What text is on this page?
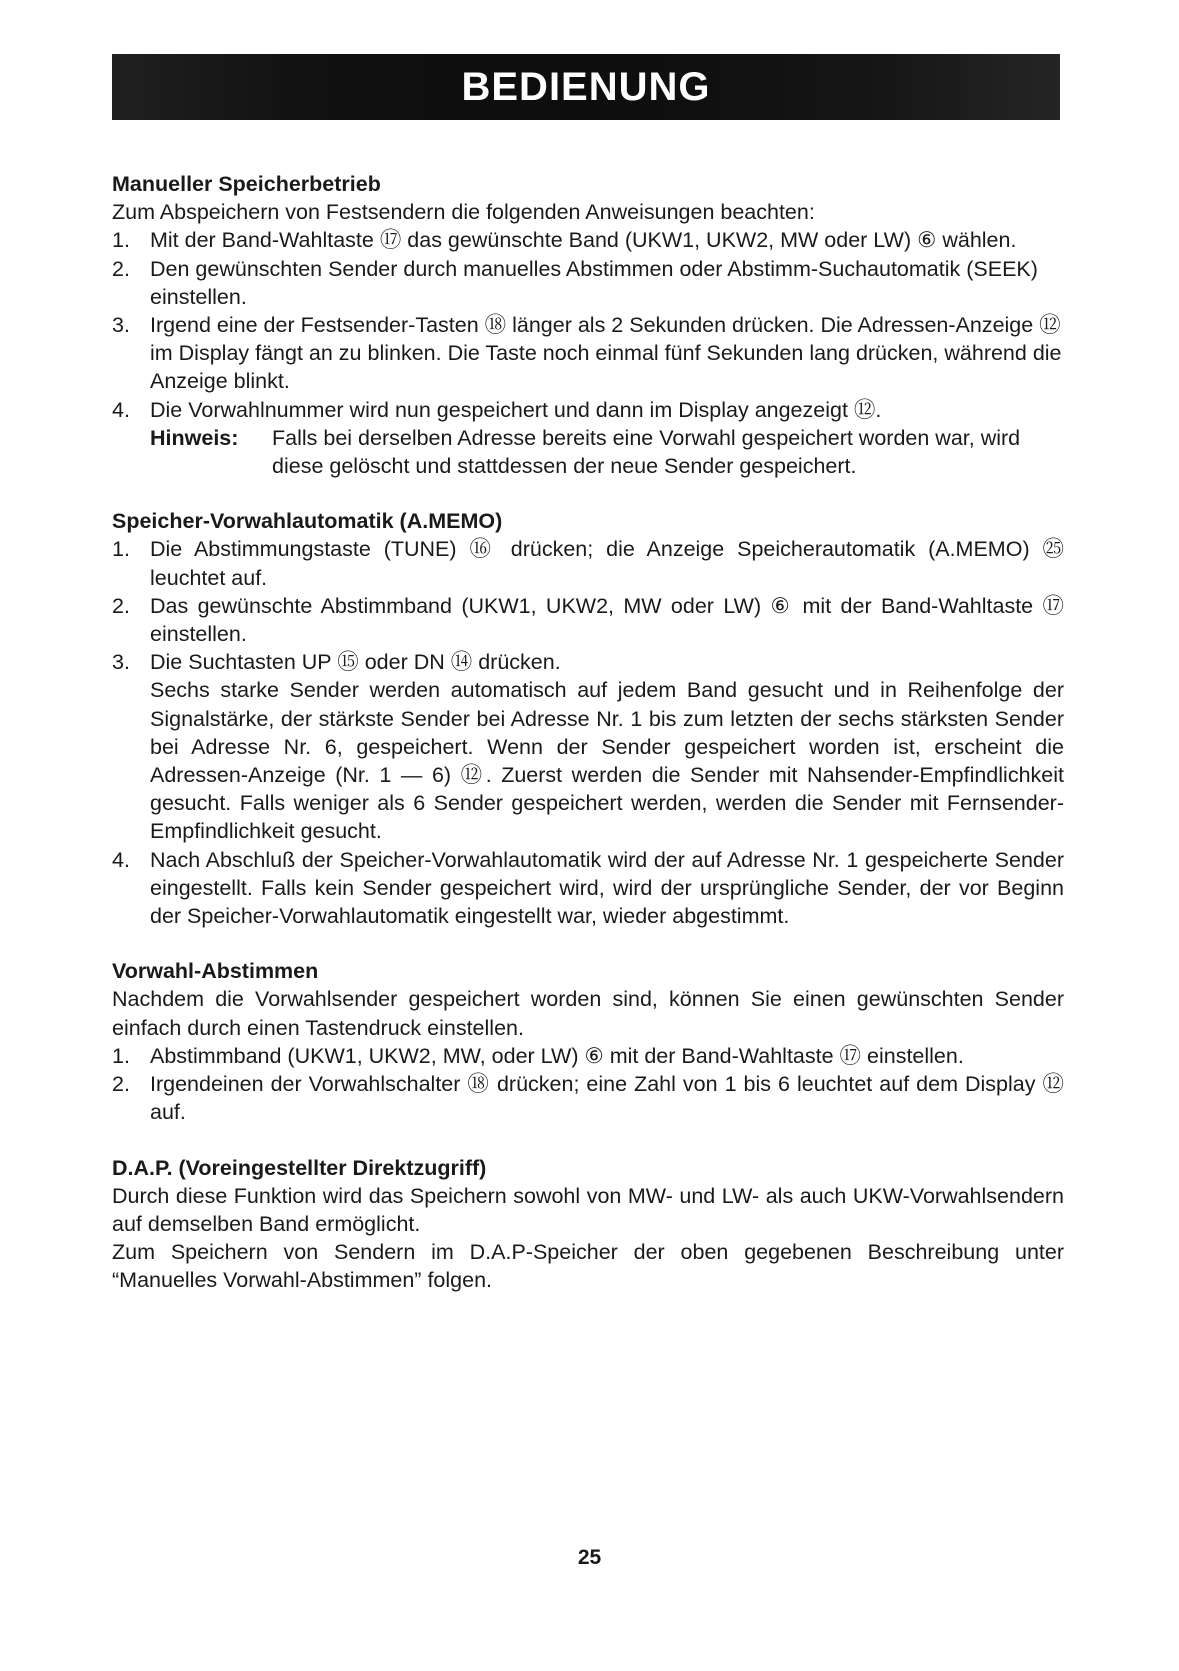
BEDIENUNG

Manueller Speicherbetrieb

Zum Abspeichern von Festsendern die folgenden Anweisungen beachten:

1. Mit der Band-Wahltaste ⑰ das gewünschte Band (UKW1, UKW2, MW oder LW) ⑥ wählen.
2. Den gewünschten Sender durch manuelles Abstimmen oder Abstimm-Suchautomatik (SEEK) einstellen.
3. Irgend eine der Festsender-Tasten ⑱ länger als 2 Sekunden drücken. Die Adressen-Anzeige ⑫ im Display fängt an zu blinken. Die Taste noch einmal fünf Sekunden lang drücken, während die Anzeige blinkt.
4. Die Vorwahlnummer wird nun gespeichert und dann im Display angezeigt ⑫.
Hinweis:	Falls bei derselben Adresse bereits eine Vorwahl gespeichert worden war, wird diese gelöscht und stattdessen der neue Sender gespeichert.

Speicher-Vorwahlautomatik (A.MEMO)

1. Die Abstimmungstaste (TUNE) ⑯ drücken; die Anzeige Speicherautomatik (A.MEMO) ㉕ leuchtet auf.
2. Das gewünschte Abstimmband (UKW1, UKW2, MW oder LW) ⑥ mit der Band-Wahltaste ⑰ einstellen.
3. Die Suchtasten UP ⑮ oder DN ⑭ drücken.
Sechs starke Sender werden automatisch auf jedem Band gesucht und in Reihenfolge der Signalstärke, der stärkste Sender bei Adresse Nr. 1 bis zum letzten der sechs stärksten Sender bei Adresse Nr. 6, gespeichert. Wenn der Sender gespeichert worden ist, erscheint die Adressen-Anzeige (Nr. 1 — 6) ⑫. Zuerst werden die Sender mit Nahsender-Empfindlichkeit gesucht. Falls weniger als 6 Sender gespeichert werden, werden die Sender mit Fernsender-Empfindlichkeit gesucht.
4. Nach Abschluß der Speicher-Vorwahlautomatik wird der auf Adresse Nr. 1 gespeicherte Sender eingestellt. Falls kein Sender gespeichert wird, wird der ursprüngliche Sender, der vor Beginn der Speicher-Vorwahlautomatik eingestellt war, wieder abgestimmt.

Vorwahl-Abstimmen

Nachdem die Vorwahlsender gespeichert worden sind, können Sie einen gewünschten Sender einfach durch einen Tastendruck einstellen.

1. Abstimmband (UKW1, UKW2, MW, oder LW) ⑥ mit der Band-Wahltaste ⑰ einstellen.
2. Irgendeinen der Vorwahlschalter ⑱ drücken; eine Zahl von 1 bis 6 leuchtet auf dem Display ⑫ auf.

D.A.P. (Voreingestellter Direktzugriff)

Durch diese Funktion wird das Speichern sowohl von MW- und LW- als auch UKW-Vorwahlsendern auf demselben Band ermöglicht.

Zum Speichern von Sendern im D.A.P-Speicher der oben gegebenen Beschreibung unter “Manuelles Vorwahl-Abstimmen” folgen.

25
